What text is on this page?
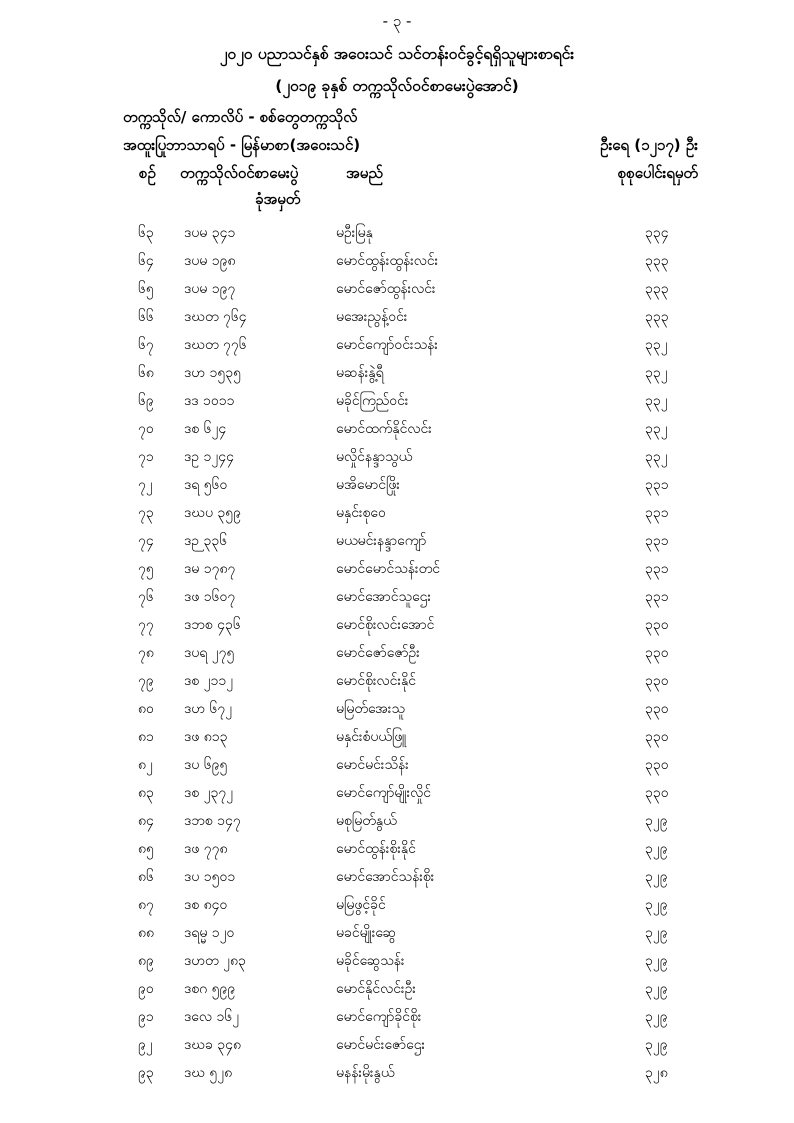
- ၃ -
၂၀၂၀ ပညာသင်နှစ် အဝေးသင် သင်တန်းဝင်ခွင့်ရရှိသူများစာရင်း
(၂၀၁၉ ခုနှစ် တက္ကသိုလ်ဝင်စာမေးပွဲအောင်)
တက္ကသိုလ်/ ကောလိပ် - စစ်တွေတက္ကသိုလ်
အထူးပြုဘာသာရပ် - မြန်မာစာ(အဝေးသင်)	ဦးရေ (၁၂၁၇) ဦး
စဉ် တက္ကသိုလ်ဝင်စာမေးပွဲ
ခုံအမှတ်
အမည်	စုစုပေါင်းရမှတ်
၆၃ ဒပမ ၃၄၁	မဦးမြနု	၃၃၄
၆၄ ဒပမ ၁၉၈	မောင်ထွန်းထွန်းလင်း	၃၃၃
၆၅ ဒပမ ၁၉၇	မောင်ဇော်ထွန်းလင်း	၃၃၃
၆၆ ဒဃတ ၇၆၄	မအေးညွန့်ဝင်း	၃၃၃
၆၇ ဒဃတ ၇၇၆	မောင်ကျော်ဝင်းသန်း	၃၃၂
၆၈ ဒဟ ၁၅၃၅	မဆန်းနွဲ့ရီ	၃၃၂
၆၉ ဒဒ ၁၀၁၁	မခိုင်ကြည်ဝင်း	၃၃၂
၇၀ ဒစ ၆၂၄	မောင်ထက်နိုင်လင်း	၃၃၂
၇၁ ဒဥ ၁၂၄၄	မလှိုင်နန္ဒာသွယ်	၃၃၂
၇၂ ဒရ ၅၆၀	မအိမောင်ဖြိုး	၃၃၁
၇၃ ဒဃပ ၃၅၉	မနှင်းစုဝေ	၃၃၁
၇၄ ဒဉ ၃၃၆	မယမင်းနန္ဒာကျော်	၃၃၁
၇၅ ဒမ ၁၇၈၇	မောင်မောင်သန်းတင်	၃၃၁
၇၆ ဒဖ ၁၆၀၇	မောင်အောင်သူဌေး	၃၃၁
၇၇ ဒဘစ ၄၃၆	မောင်စိုးလင်းအောင်	၃၃၀
၇၈ ဒပရ ၂၇၅	မောင်ဇော်ဇော်ဦး	၃၃၀
၇၉ ဒစ ၂၁၁၂	မောင်စိုးလင်းနိုင်	၃၃၀
၈၀ ဒဟ ၆၇၂	မမြတ်အေးသူ	၃၃၀
၈၁ ဒဖ ၈၁၃	မနှင်းစံပယ်ဖြူ	၃၃၀
၈၂ ဒပ ၆၉၅	မောင်မင်းသိန်း	၃၃၀
၈၃ ဒစ ၂၃၇၂	မောင်ကျော်မျိုးလှိုင်	၃၃၀
၈၄ ဒဘစ ၁၄၇	မစုမြတ်နွယ်	၃၂၉
၈၅ ဒဖ ၇၇၈	မောင်ထွန်းစိုးနိုင်	၃၂၉
၈၆ ဒပ ၁၅၀၁	မောင်အောင်သန်းစိုး	၃၂၉
၈၇ ဒစ ၈၄၀	မမြဖွင့်ခိုင်	၃၂၉
၈၈ ဒရမ္မ ၁၂၀	မခင်မျိုးဆွေ	၃၂၉
၈၉ ဒဟတ ၂၈၃	မခိုင်ဆွေသန်း	၃၂၉
၉၀ ဒစဂ ၅၉၉	မောင်နိုင်လင်းဦး	၃၂၉
၉၁ ဒလေ ၁၆၂	မောင်ကျော်ခိုင်စိုး	၃၂၉
၉၂ ဒဃခ ၃၄၈	မောင်မင်းဇော်ဌေး	၃၂၉
၉၃ ဒဃ ၅၂၈	မနန်းမိုးနွယ်	၃၂၈
